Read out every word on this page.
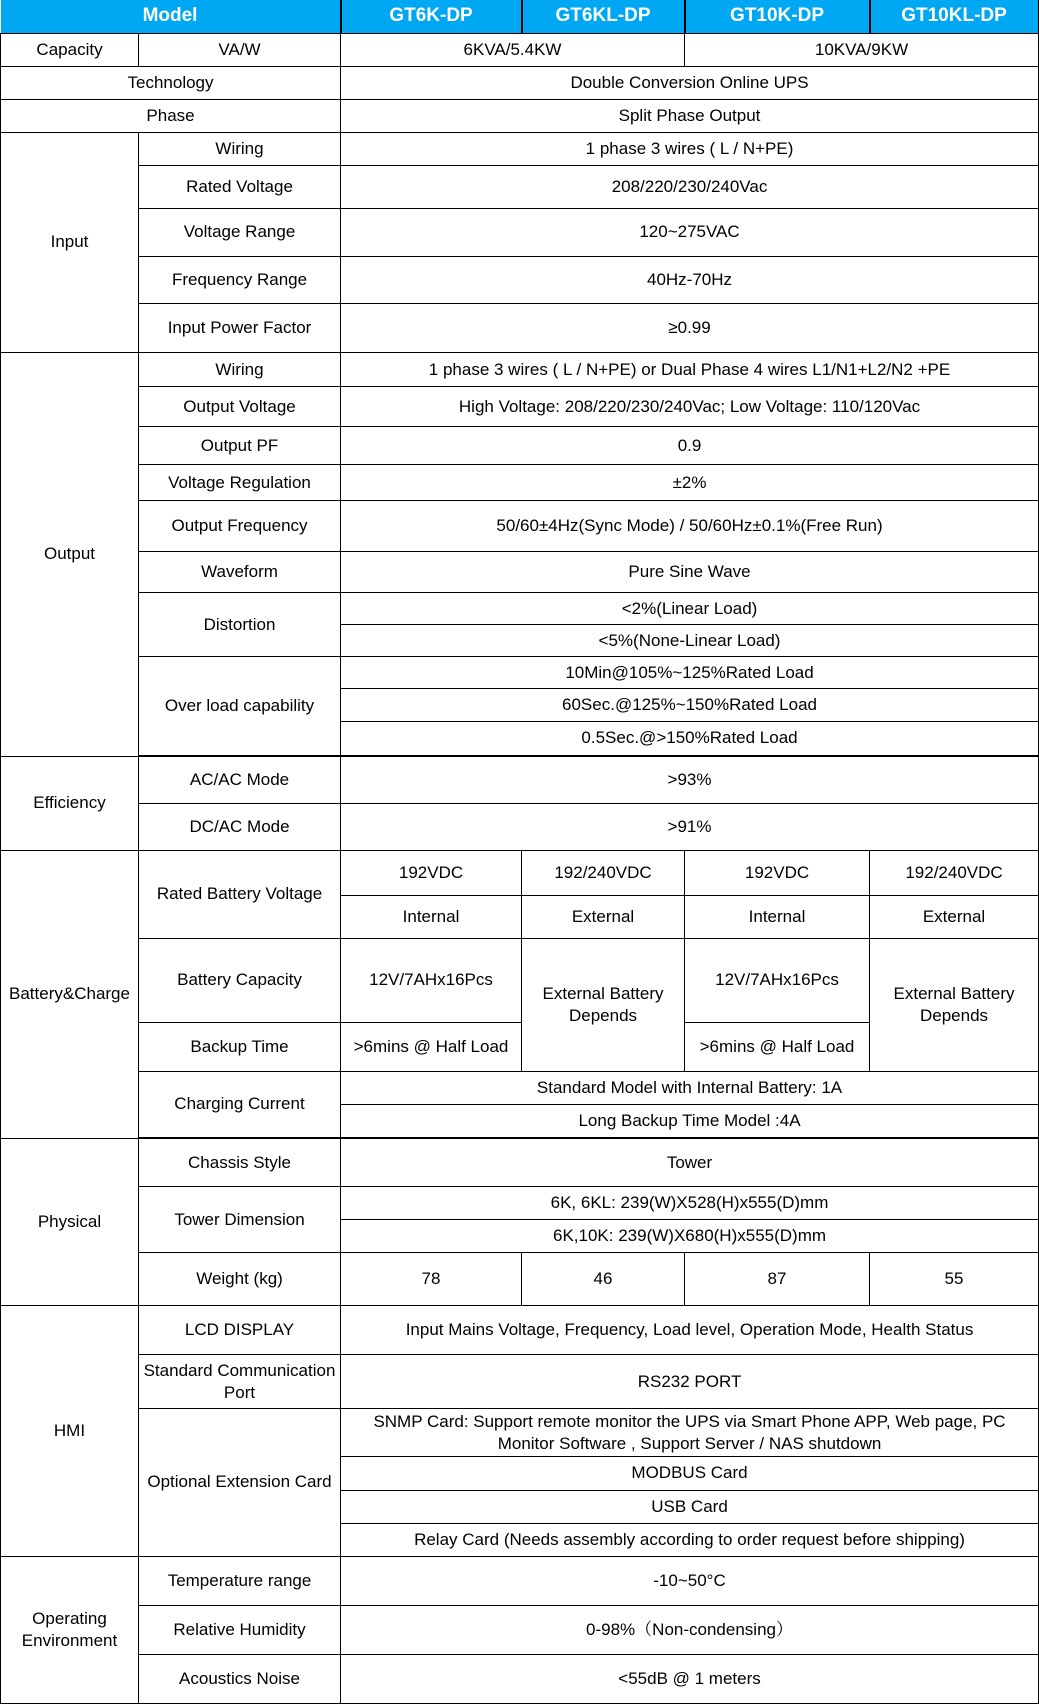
Model		GT6K-DP	GT6KL-DP	GT10K-DP	GT10KL-DP
Capacity	VA/W	6KVA/5.4KW		10KVA/9KW	
Technology		Double Conversion Online UPS			
Phase		Split Phase Output			
Input	Wiring	1 phase 3 wires ( L / N+PE)			
	Rated Voltage	208/220/230/240Vac			
	Voltage Range	120~275VAC			
	Frequency Range	40Hz-70Hz			
	Input Power Factor	≥0.99			
Output	Wiring	1 phase 3 wires ( L / N+PE) or Dual Phase 4 wires L1/N1+L2/N2 +PE			
	Output Voltage	High Voltage: 208/220/230/240Vac; Low Voltage: 110/120Vac			
	Output PF	0.9			
	Voltage Regulation	±2%			
	Output Frequency	50/60±4Hz(Sync Mode) / 50/60Hz±0.1%(Free Run)			
	Waveform	Pure Sine Wave			
	Distortion	<2%(Linear Load)			
		<5%(None-Linear Load)			
	Over load capability	10Min@105%~125%Rated Load			
		60Sec.@125%~150%Rated Load			
		0.5Sec.@>150%Rated Load			

Efficiency	AC/AC Mode	>93%			
	DC/AC Mode	>91%			
Battery&Charge	Rated Battery Voltage	192VDC	192/240VDC	192VDC	192/240VDC
		Internal	External	Internal	External
	Battery Capacity	12V/7AHx16Pcs	External Battery Depends	12V/7AHx16Pcs	External Battery Depends
	Backup Time	>6mins @ Half Load		>6mins @ Half Load	
	Charging Current	Standard Model with Internal Battery: 1A			
		Long Backup Time Model :4A			

Physical	Chassis Style	Tower			
	Tower Dimension	6K, 6KL: 239(W)X528(H)x555(D)mm			
		6K,10K: 239(W)X680(H)x555(D)mm			
	Weight (kg)	78	46	87	55
HMI	LCD DISPLAY	Input Mains Voltage, Frequency, Load level, Operation Mode, Health Status			
	Standard Communication Port	RS232 PORT			
	Optional Extension Card	SNMP Card: Support remote monitor the UPS via Smart Phone APP, Web page, PC Monitor Software , Support Server / NAS shutdown			
		MODBUS Card			
		USB Card			
		Relay Card (Needs assembly according to order request before shipping)			
Operating Environment	Temperature range	-10~50°C			
	Relative Humidity	0-98%（Non-condensing）			
	Acoustics Noise	<55dB @ 1 meters			
